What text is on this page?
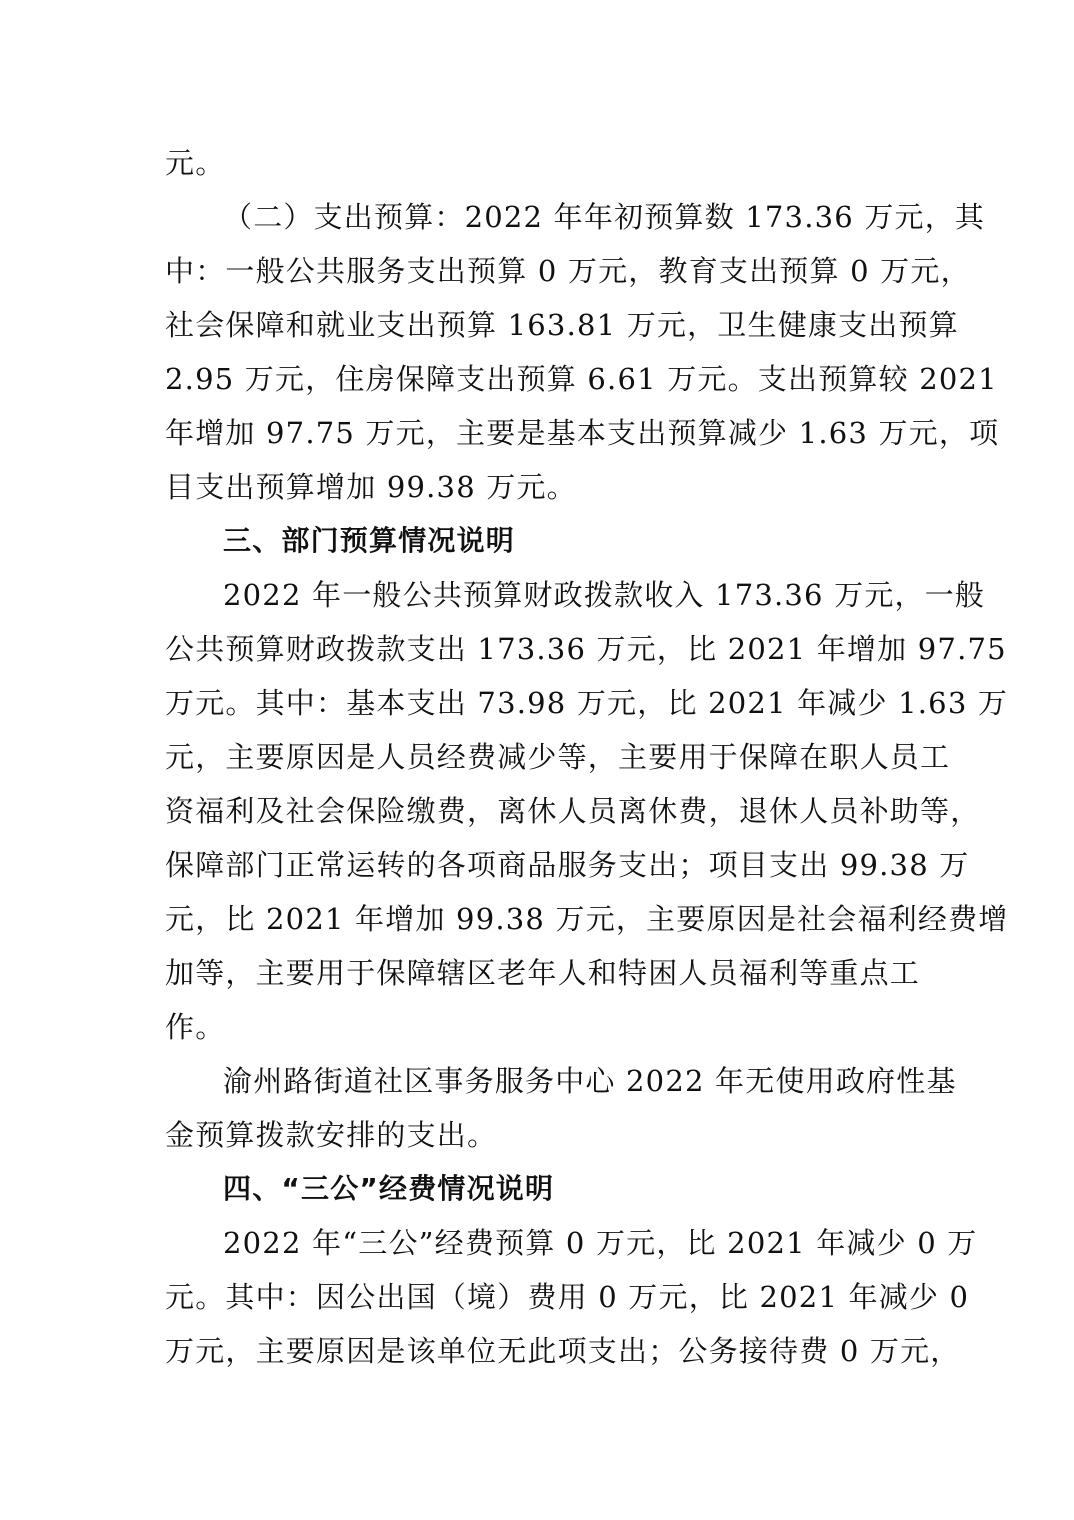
元。
（二）支出预算：2022 年年初预算数 173.36 万元，其
中：一般公共服务支出预算 0 万元，教育支出预算 0 万元，
社会保障和就业支出预算 163.81 万元，卫生健康支出预算
2.95 万元，住房保障支出预算 6.61 万元。支出预算较 2021
年增加 97.75 万元，主要是基本支出预算减少 1.63 万元，项
目支出预算增加 99.38 万元。
三、部门预算情况说明
2022 年一般公共预算财政拨款收入 173.36 万元，一般
公共预算财政拨款支出 173.36 万元，比 2021 年增加 97.75
万元。其中：基本支出 73.98 万元，比 2021 年减少 1.63 万
元，主要原因是人员经费减少等，主要用于保障在职人员工
资福利及社会保险缴费，离休人员离休费，退休人员补助等，
保障部门正常运转的各项商品服务支出；项目支出 99.38 万
元，比 2021 年增加 99.38 万元，主要原因是社会福利经费增
加等，主要用于保障辖区老年人和特困人员福利等重点工
作。
渝州路街道社区事务服务中心 2022 年无使用政府性基
金预算拨款安排的支出。
四、“三公”经费情况说明
2022 年“三公”经费预算 0 万元，比 2021 年减少 0 万
元。其中：因公出国（境）费用 0 万元，比 2021 年减少 0
万元，主要原因是该单位无此项支出；公务接待费 0 万元，
